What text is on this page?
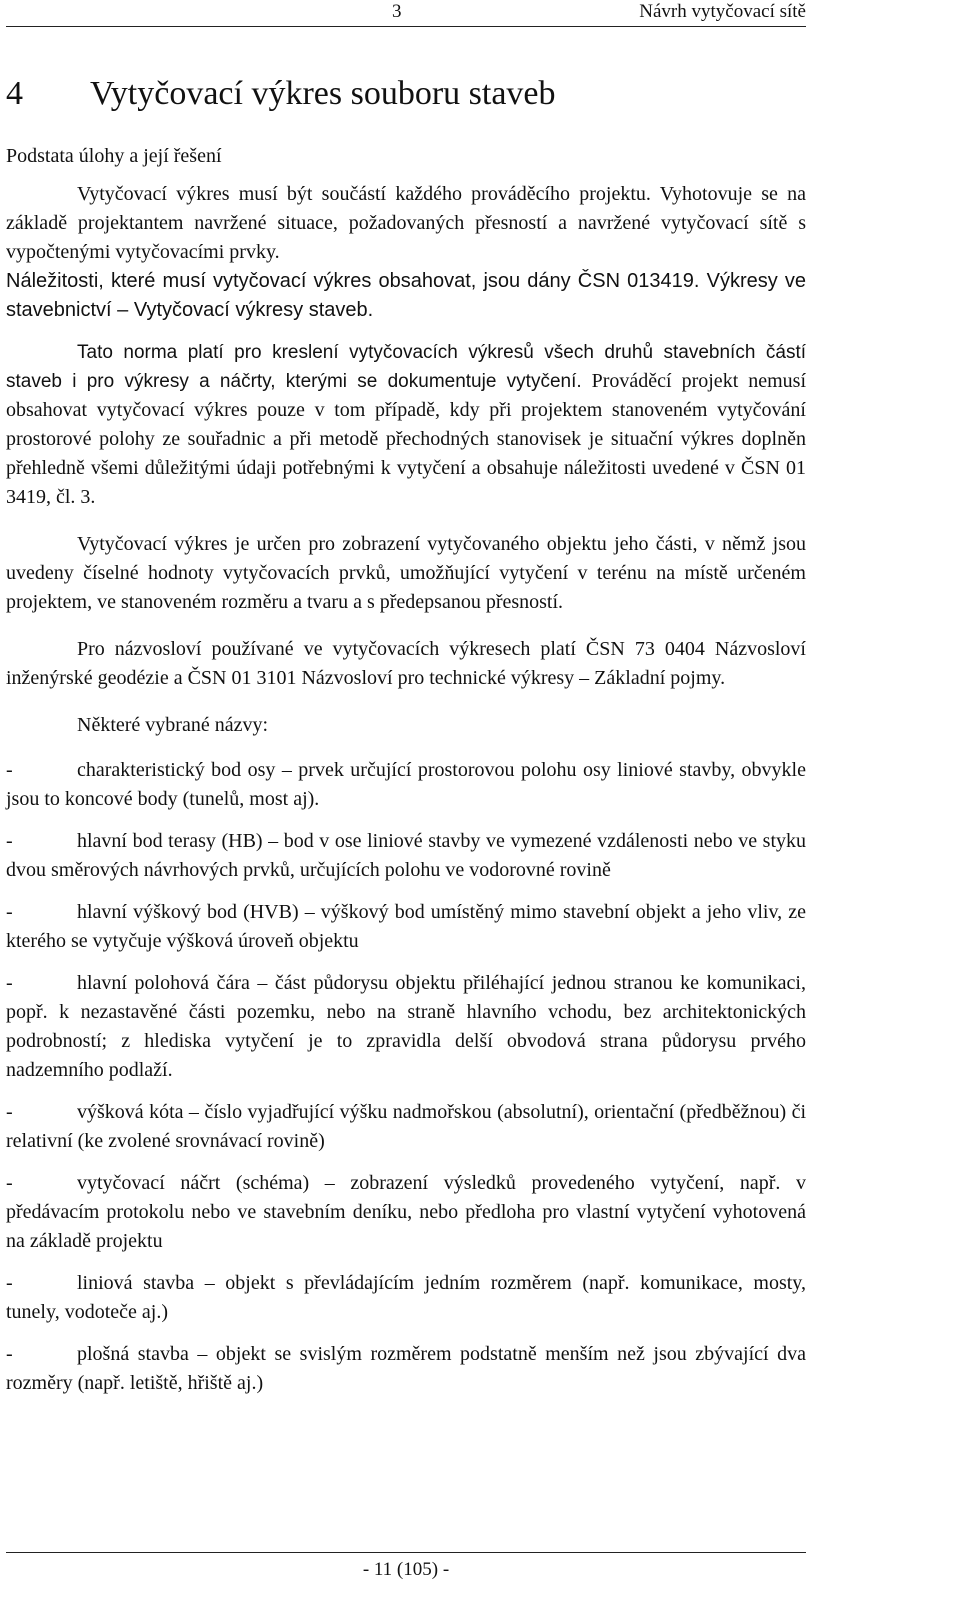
3	Návrh vytyčovací sítě
4 Vytyčovací výkres souboru staveb
Podstata úlohy a její řešení

Vytyčovací výkres musí být součástí každého prováděcího projektu. Vyhotovuje se na základě projektantem navržené situace, požadovaných přesností a navržené vytyčovací sítě s vypočtenými vytyčovacími prvky.

Náležitosti, které musí vytyčovací výkres obsahovat, jsou dány ČSN 013419. Výkresy ve stavebnictví – Vytyčovací výkresy staveb.

Tato norma platí pro kreslení vytyčovacích výkresů všech druhů stavebních částí staveb i pro výkresy a náčrty, kterými se dokumentuje vytyčení. Prováděcí projekt nemusí obsahovat vytyčovací výkres pouze v tom případě, kdy při projektem stanoveném vytyčování prostorové polohy ze souřadnic a při metodě přechodných stanovisek je situační výkres doplněn přehledně všemi důležitými údaji potřebnými k vytyčení a obsahuje náležitosti uvedené v ČSN 01 3419, čl. 3.

Vytyčovací výkres je určen pro zobrazení vytyčovaného objektu jeho části, v němž jsou uvedeny číselné hodnoty vytyčovacích prvků, umožňující vytyčení v terénu na místě určeném projektem, ve stanoveném rozměru a tvaru a s předepsanou přesností.

Pro názvosloví používané ve vytyčovacích výkresech platí ČSN 73 0404 Názvosloví inženýrské geodézie a ČSN 01 3101 Názvosloví pro technické výkresy – Základní pojmy.

Některé vybrané názvy:

-	charakteristický bod osy – prvek určující prostorovou polohu osy liniové stavby, obvykle jsou to koncové body (tunelů, most aj).
-	hlavní bod terasy (HB) – bod v ose liniové stavby ve vymezené vzdálenosti nebo ve styku dvou směrových návrhových prvků, určujících polohu ve vodorovné rovině
-	hlavní výškový bod (HVB) – výškový bod umístěný mimo stavební objekt a jeho vliv, ze kterého se vytyčuje výšková úroveň objektu
-	hlavní polohová čára – část půdorysu objektu přiléhající jednou stranou ke komunikaci, popř. k nezastavěné části pozemku, nebo na straně hlavního vchodu, bez architektonických podrobností; z hlediska vytyčení je to zpravidla delší obvodová strana půdorysu prvého nadzemního podlaží.
-	výšková kóta – číslo vyjadřující výšku nadmořskou (absolutní), orientační (předběžnou) či relativní (ke zvolené srovnávací rovině)
-	vytyčovací náčrt (schéma) – zobrazení výsledků provedeného vytyčení, např. v předávacím protokolu nebo ve stavebním deníku, nebo předloha pro vlastní vytyčení vyhotovená na základě projektu
-	liniová stavba – objekt s převládajícím jedním rozměrem (např. komunikace, mosty, tunely, vodoteče aj.)
-	plošná stavba – objekt se svislým rozměrem podstatně menším než jsou zbývající dva rozměry (např. letiště, hřiště aj.)
- 11 (105) -
